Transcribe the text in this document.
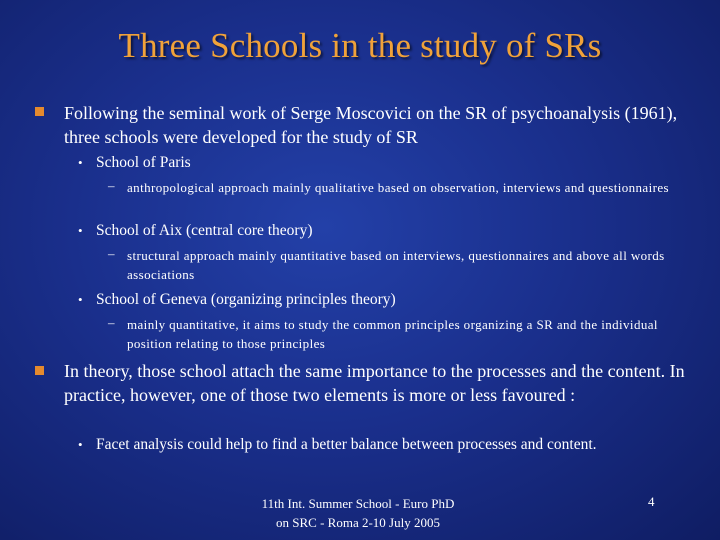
Three Schools in the study of SRs
Following the seminal work of Serge Moscovici on the SR of psychoanalysis (1961), three schools were developed for the study of SR
• School of Paris
– anthropological approach mainly qualitative based on observation, interviews and questionnaires
• School of Aix (central core theory)
– structural approach mainly quantitative based on interviews, questionnaires and above all words associations
• School of Geneva (organizing principles theory)
– mainly quantitative, it aims to study the common principles organizing a SR and the individual position relating to those principles
In theory, those school attach the same importance to the processes and the content. In practice, however, one of those two elements is more or less favoured :
• Facet analysis could help to find a better balance between processes and content.
11th Int. Summer School - Euro PhD
on SRC - Roma 2-10 July 2005
4
